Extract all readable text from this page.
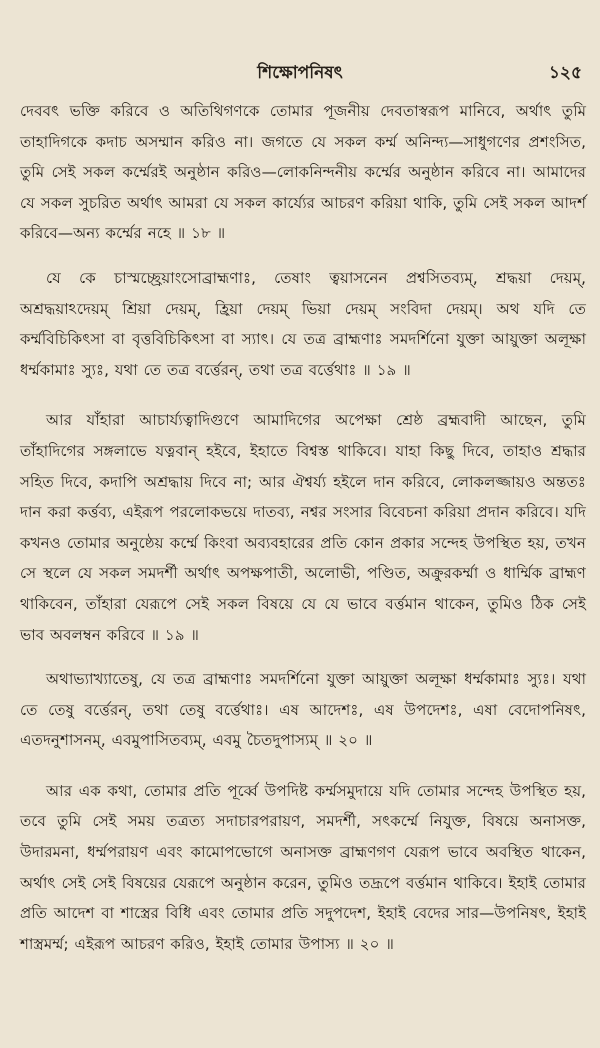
শিক্ষোপনিষৎ	১২৫

দেববৎ ভক্তি করিবে ও অতিথিগণকে তোমার পূজনীয় দেবতাস্বরূপ মানিবে, অর্থাৎ তুমি তাহাদিগকে কদাচ অসম্মান করিও না। জগতে যে সকল কর্ম্ম অনিন্দ্য—সাধুগণের প্রশংসিত, তুমি সেই সকল কর্ম্মেরই অনুষ্ঠান করিও—লোকনিন্দনীয় কর্ম্মের অনুষ্ঠান করিবে না। আমাদের যে সকল সুচরিত অর্থাৎ আমরা যে সকল কার্য্যের আচরণ করিয়া থাকি, তুমি সেই সকল আদর্শ করিবে—অন্য কর্ম্মের নহে ॥ ১৮ ॥

যে কে চাস্মচ্ছ্রেয়াংসোব্রাহ্মণাঃ, তেষাং ত্বয়াসনেন প্রশ্বসিতব্যম্, শ্রদ্ধয়া দেয়ম্, অশ্রদ্ধয়াঽদেয়ম্ শ্রিয়া দেয়ম্, হ্রিয়া দেয়ম্ ভিয়া দেয়ম্ সংবিদা দেয়ম্। অথ যদি তে কর্ম্মবিচিকিৎসা বা বৃত্তবিচিকিৎসা বা স্যাৎ। যে তত্র ব্রাহ্মণাঃ সমদর্শিনো যুক্তা আয়ুক্তা অলূক্ষা ধর্ম্মকামাঃ স্যুঃ, যথা তে তত্র বর্ত্তেরন্, তথা তত্র বর্ত্তেথাঃ ॥ ১৯ ॥

আর যাঁহারা আচার্য্যত্বাদিগুণে আমাদিগের অপেক্ষা শ্রেষ্ঠ ব্রহ্মবাদী আছেন, তুমি তাঁহাদিগের সঙ্গলাভে যত্নবান্ হইবে, ইহাতে বিশ্বস্ত থাকিবে। যাহা কিছু দিবে, তাহাও শ্রদ্ধার সহিত দিবে, কদাপি অশ্রদ্ধায় দিবে না; আর ঐশ্বর্য্য হইলে দান করিবে, লোকলজ্জায়ও অন্ততঃ দান করা কর্ত্তব্য, এইরূপ পরলোকভয়ে দাতব্য, নশ্বর সংসার বিবেচনা করিয়া প্রদান করিবে। যদি কখনও তোমার অনুষ্ঠেয় কর্ম্মে কিংবা অব্যবহারের প্রতি কোন প্রকার সন্দেহ উপস্থিত হয়, তখন সে স্থলে যে সকল সমদর্শী অর্থাৎ অপক্ষপাতী, অলোভী, পণ্ডিত, অক্রুরকর্ম্মা ও ধার্ম্মিক ব্রাহ্মণ থাকিবেন, তাঁহারা যেরূপে সেই সকল বিষয়ে যে যে ভাবে বর্ত্তমান থাকেন, তুমিও ঠিক সেই ভাব অবলম্বন করিবে ॥ ১৯ ॥

অথাভ্যাখ্যাতেষু, যে তত্র ব্রাহ্মণাঃ সমদর্শিনো যুক্তা আয়ুক্তা অলূক্ষা ধর্ম্মকামাঃ স্যুঃ। যথা তে তেষু বর্ত্তেরন্, তথা তেষু বর্ত্তেথাঃ। এষ আদেশঃ, এষ উপদেশঃ, এষা বেদোপনিষৎ, এতদনুশাসনম্, এবমুপাসিতব্যম্, এবমু চৈতদুপাস্যম্ ॥ ২০ ॥

আর এক কথা, তোমার প্রতি পূর্ব্বে উপদিষ্ট কর্ম্মসমুদায়ে যদি তোমার সন্দেহ উপস্থিত হয়, তবে তুমি সেই সময় তত্রত্য সদাচারপরায়ণ, সমদর্শী, সৎকর্ম্মে নিযুক্ত, বিষয়ে অনাসক্ত, উদারমনা, ধর্ম্মপরায়ণ এবং কামোপভোগে অনাসক্ত ব্রাহ্মণগণ যেরূপ ভাবে অবস্থিত থাকেন, অর্থাৎ সেই সেই বিষয়ের যেরূপে অনুষ্ঠান করেন, তুমিও তদ্রূপে বর্ত্তমান থাকিবে। ইহাই তোমার প্রতি আদেশ বা শাস্ত্রের বিধি এবং তোমার প্রতি সদুপদেশ, ইহাই বেদের সার—উপনিষৎ, ইহাই শাস্ত্রমর্ম্ম; এইরূপ আচরণ করিও, ইহাই তোমার উপাস্য ॥ ২০ ॥
